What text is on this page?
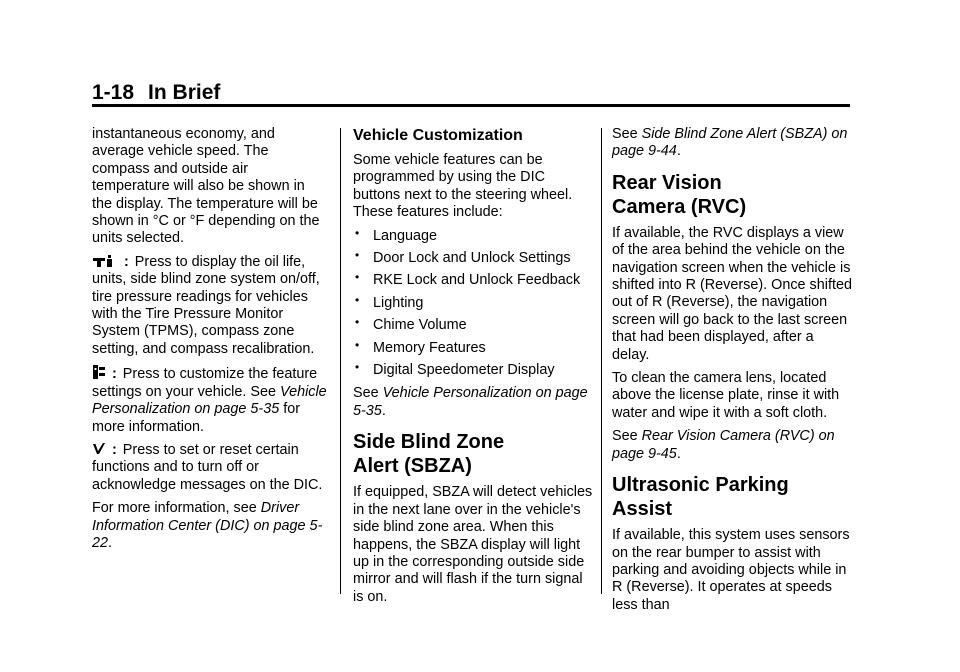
1-18 In Brief

instantaneous economy, and average vehicle speed. The compass and outside air temperature will also be shown in the display. The temperature will be shown in °C or °F depending on the units selected.

: Press to display the oil life, units, side blind zone system on/off, tire pressure readings for vehicles with the Tire Pressure Monitor System (TPMS), compass zone setting, and compass recalibration.

: Press to customize the feature settings on your vehicle. See Vehicle Personalization on page 5-35 for more information.

: Press to set or reset certain functions and to turn off or acknowledge messages on the DIC.

For more information, see Driver Information Center (DIC) on page 5-22.

Vehicle Customization

Some vehicle features can be programmed by using the DIC buttons next to the steering wheel. These features include:

• Language
• Door Lock and Unlock Settings
• RKE Lock and Unlock Feedback
• Lighting
• Chime Volume
• Memory Features
• Digital Speedometer Display

See Vehicle Personalization on page 5-35.

Side Blind Zone
Alert (SBZA)

If equipped, SBZA will detect vehicles in the next lane over in the vehicle's side blind zone area. When this happens, the SBZA display will light up in the corresponding outside side mirror and will flash if the turn signal is on.

See Side Blind Zone Alert (SBZA) on page 9-44.

Rear Vision
Camera (RVC)

If available, the RVC displays a view of the area behind the vehicle on the navigation screen when the vehicle is shifted into R (Reverse). Once shifted out of R (Reverse), the navigation screen will go back to the last screen that had been displayed, after a delay.

To clean the camera lens, located above the license plate, rinse it with water and wipe it with a soft cloth.

See Rear Vision Camera (RVC) on page 9-45.

Ultrasonic Parking Assist

If available, this system uses sensors on the rear bumper to assist with parking and avoiding objects while in R (Reverse). It operates at speeds less than
